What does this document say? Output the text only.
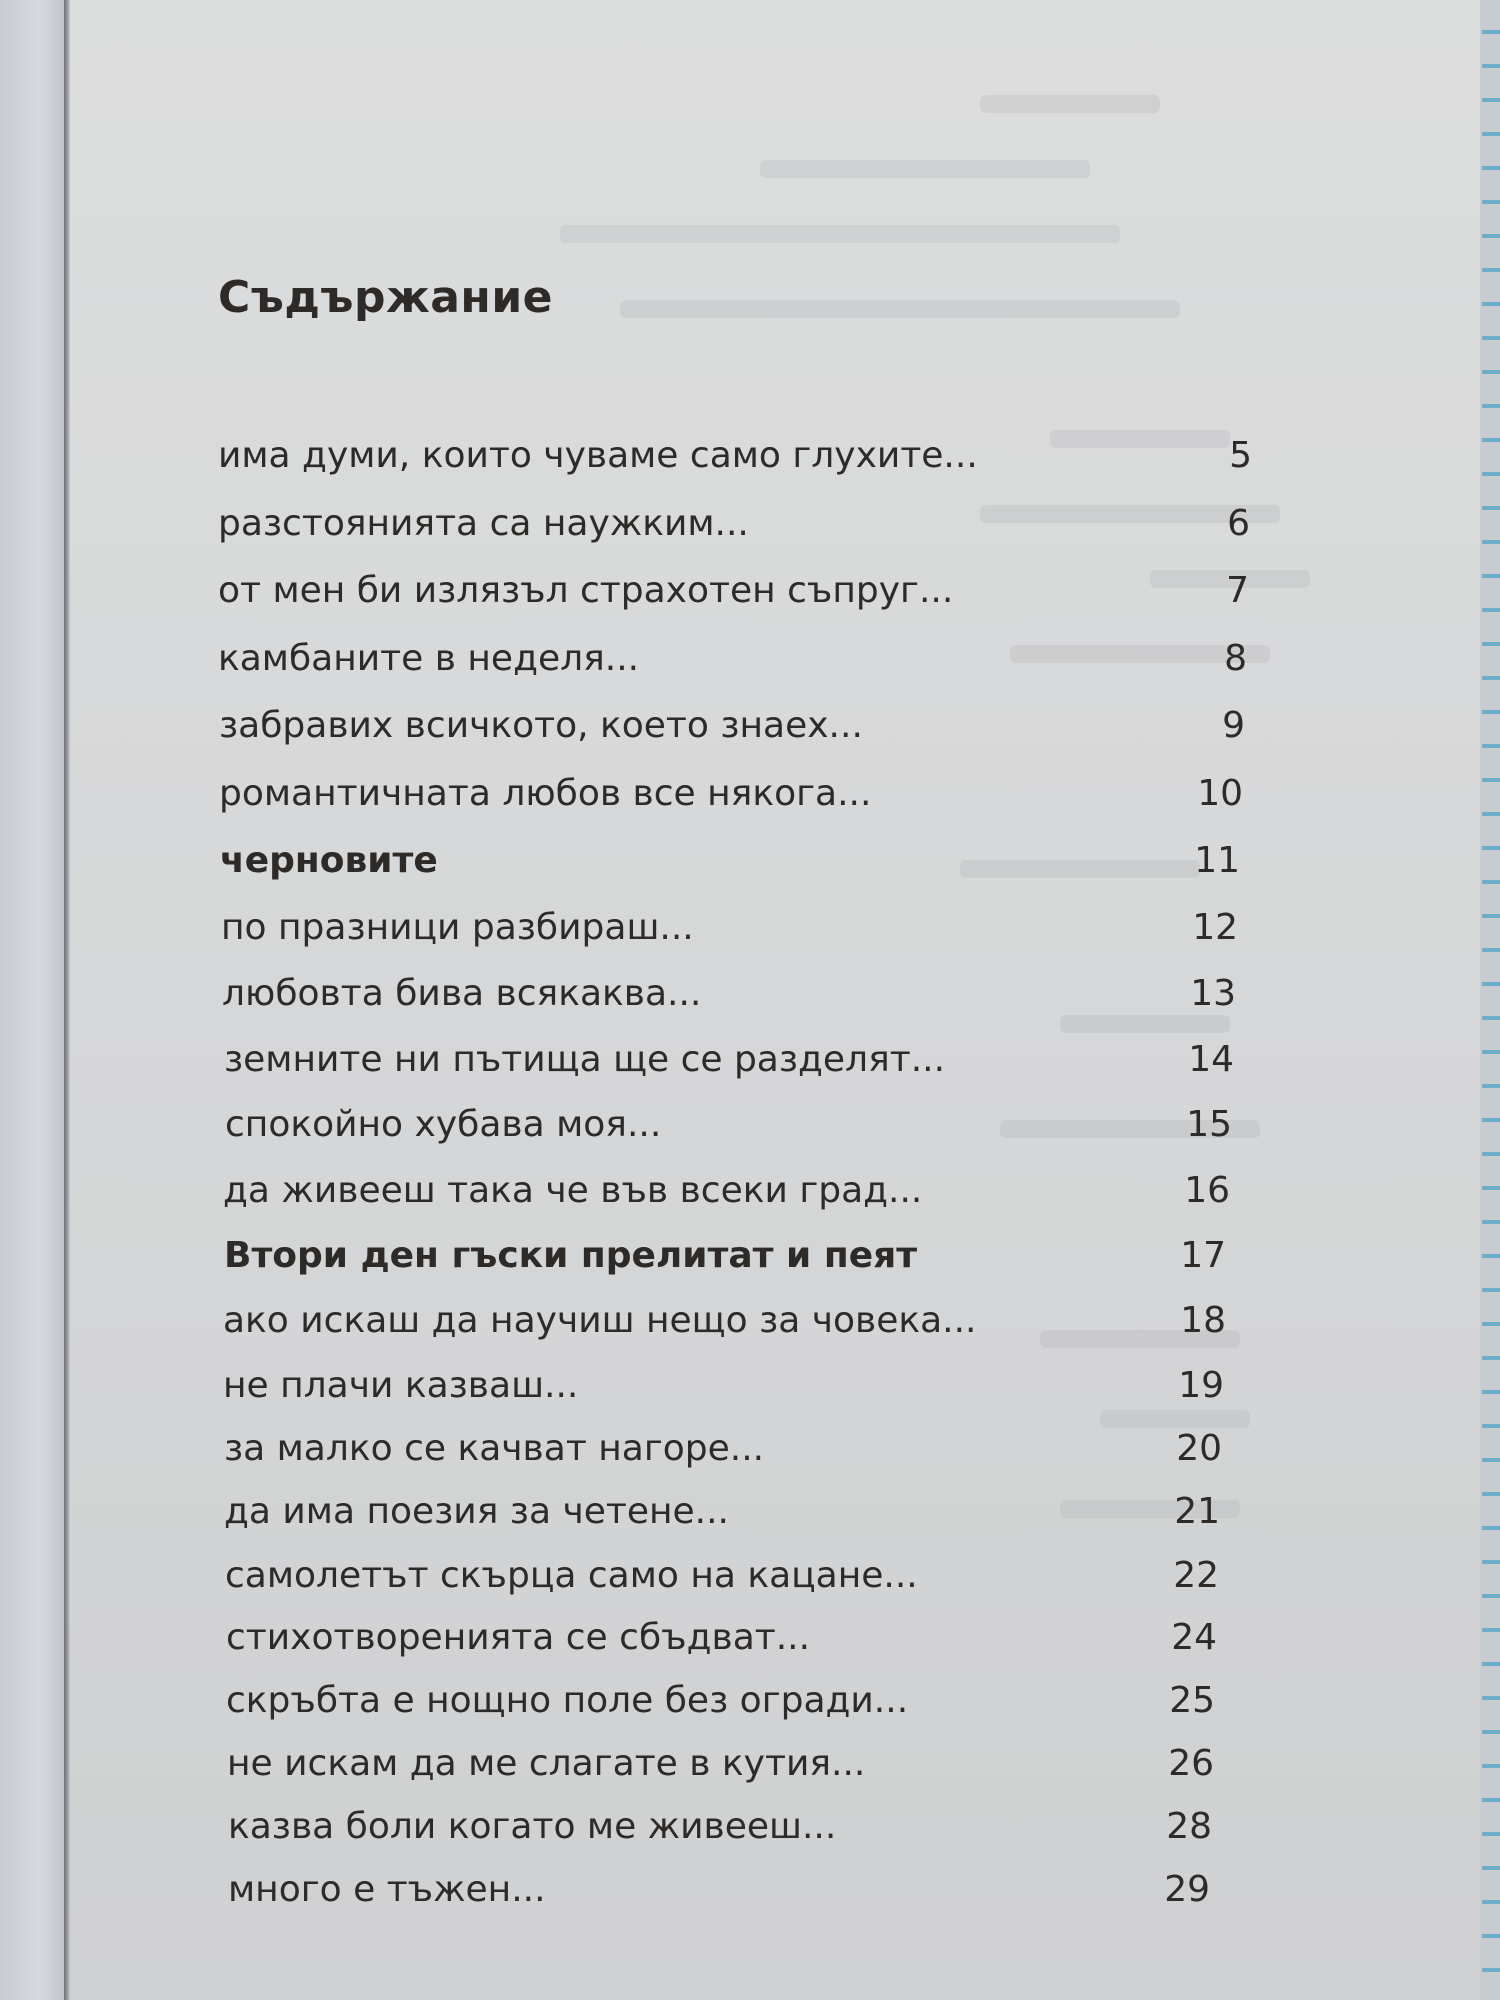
Съдържание
има думи, които чуваме само глухите...	5
разстоянията са наужким...	6
от мен би излязъл страхотен съпруг...	7
камбаните в неделя...	8
забравих всичкото, което знаех...	9
романтичната любов все някога...	10
черновите	11
по празници разбираш...	12
любовта бива всякаква...	13
земните ни пътища ще се разделят...	14
спокойно хубава моя...	15
да живееш така че във всеки град...	16
Втори ден гъски прелитат и пеят	17
ако искаш да научиш нещо за човека...	18
не плачи казваш...	19
за малко се качват нагоре...	20
да има поезия за четене...	21
самолетът скърца само на кацане...	22
стихотворенията се сбъдват...	24
скръбта е нощно поле без огради...	25
не искам да ме слагате в кутия...	26
казва боли когато ме живееш...	28
много е тъжен...	29
